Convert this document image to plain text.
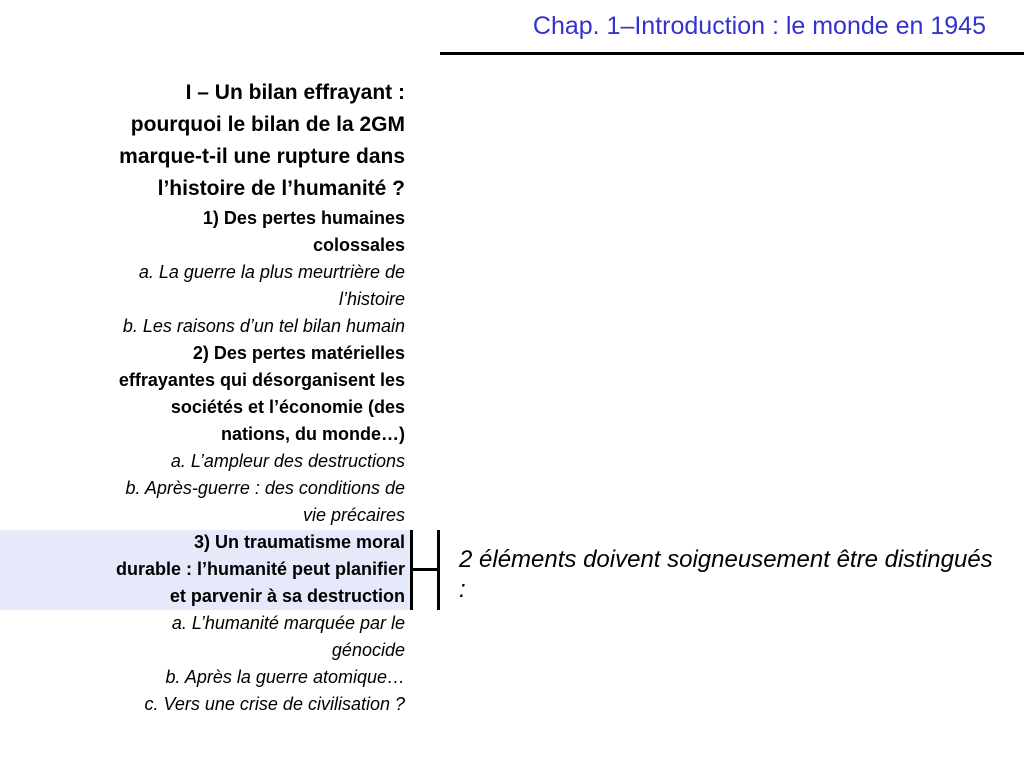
Chap. 1–Introduction : le monde en 1945
I – Un bilan effrayant :
pourquoi le bilan de la 2GM
marque-t-il une rupture dans
l’histoire de l’humanité ?
1) Des pertes humaines
colossales
a. La guerre la plus meurtrière de
l’histoire
b. Les raisons d’un tel bilan humain
2) Des pertes matérielles
effrayantes qui désorganisent les
sociétés et l’économie (des
nations, du monde…)
a. L’ampleur des destructions
b. Après-guerre : des conditions de
vie précaires
3) Un traumatisme moral
durable : l’humanité peut planifier
et parvenir à sa destruction
a. L’humanité marquée par le
génocide
b. Après la guerre atomique…
c. Vers une crise de civilisation ?
2 éléments doivent soigneusement être distingués :
